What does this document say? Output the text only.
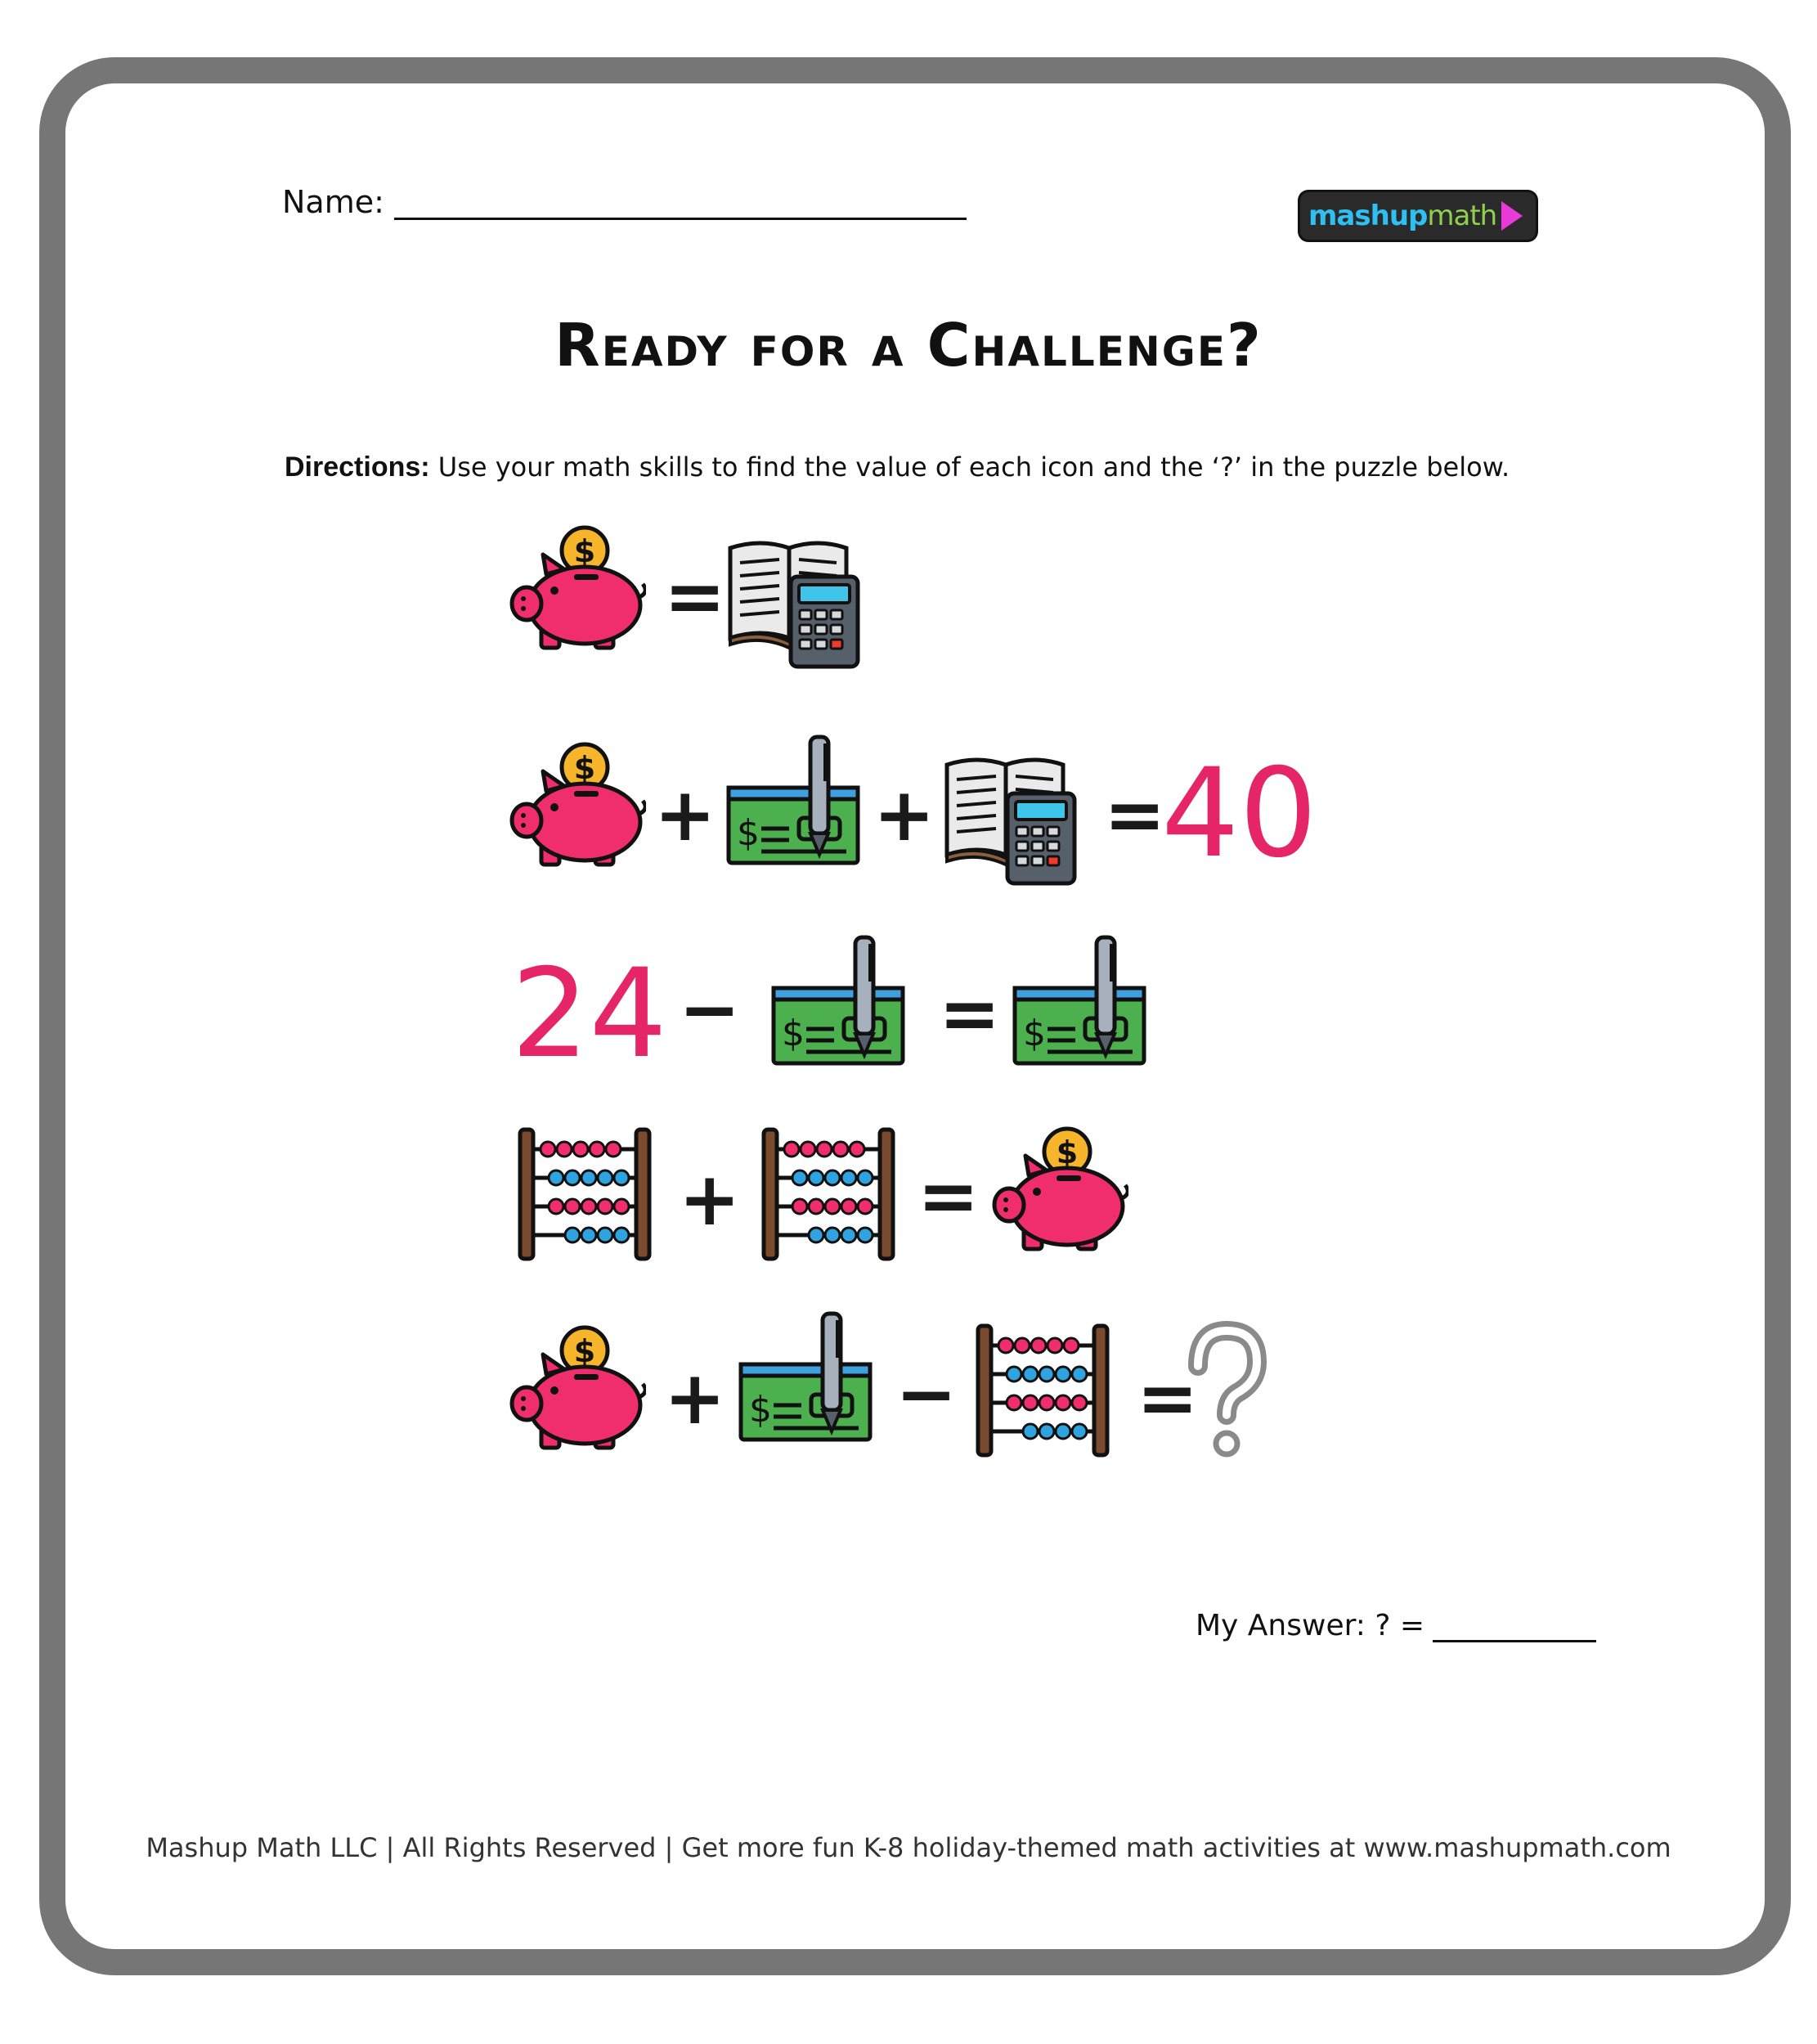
Name:	mashup math
Ready for a Challenge?
Directions: Use your math skills to find the value of each icon and the ‘?’ in the puzzle below.
=
+ + =
40
24 −	=
+ =
+ − =
My Answer: ? =
Mashup Math LLC | All Rights Reserved | Get more fun K-8 holiday-themed math activities at www.mashupmath.com
